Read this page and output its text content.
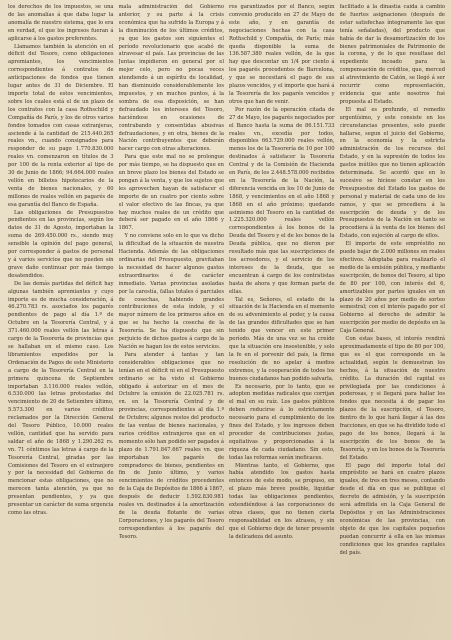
los derechos de los impuestos, se una de las anomalías á que daba lugar la anomalía de nuestro sistema, que lo era en verdad, el que los ingresos fueran á aplicarse á los gastos preferentes.

Llamamos también la atención en el déficit del Tesoro, como obligaciones apremiantes, los vencimientos correspondientes á contratos de anticipaciones de fondos que tienen lugar antes de 31 de Diciembre. El importe total de estos vencimientos, sobre los cuales está el de un plazo de los contratos con la casa Rothschild y Compañía de París, y los de otros varios fondos tomados con casas extranjeras, asciende á la cantidad de 215.440.265 reales vn., cuando consignados para responder de su pago 1.770.830.000 reales vn. comenzaron en títulos de 3 por 100 de la renta exterior al tipo de 30 de Junio de 1866; 94.664.000 reales vellón en billetes hipotecarios de la venta de bienes nacionales, y 60 millones de reales vellón en pagarés de esa garantía del Banco de España.

Las obligaciones de Presupuestos pendientes en las provincias, según los datos de 31 de Agosto, importaban la suma de 269.450.000 rs., siendo muy sensible la opinión del pago general, por corresponder á gastos de personal y á varios servicios que no pueden sin grave daño continuar por más tiempo desatendidos.

De las demás partidas del déficit hay algunas también apremiantes y cuyo importe es de mucha consideración, á 46.270.783 rs. asociados los pagarés pendientes de pago al día 1.º de Octubre en la Tesorería Central, y á 371.460.000 reales vellón las letras á cargo de la Tesorería de provincias que se hallaban en el mismo caso. Los libramientos expedidos por la Ordenación de Pagos de este Ministerio a cargo de la Tesorería Central en la primera quincena de Septiembre importaban 3.116.000 reales vellón, 6.530.000 las letras protestadas del vencimiento de 20 de Setiembre último, 5.573.300 en varios créditos reclamados por la Dirección General del Tesoro Público, 10.000 reales vellón, cantidad que ha servido para saldar el año de 1868 y 1.290.262 rs. vn. 71 céntimos las letras á cargo de la Tesorería Central, giradas por las Comisiones del Tesoro en el extranjero y por la necesidad del Gobierno de mencionar estas obligaciones, que no merecen tanta atención, ya que no presentan pendientes, y ya que presentar un carácter de suma urgencia como las otras.

mala administración del Gobierno anterior, y su parte á la crisis económica que ha sufrido la Europa y á la disminución de los últimos créditos, ya que los gastos son siguientes el período revolucionario que acabó de atravesar el país. Las provincias de las Juntas impidieron en general por el mejor celo, pero no pocas veces atendiendo á un espíritu de localidad, han disminuido considerablemente los impuestos, y en muchos puntos, á la sombra de esa disposición, se han defraudado los intereses del Tesoro, haciéndose en ocasiones de contrabando y consentidas abusivas defraudaciones, y en otra, bienes de la Nación contribuyentes que deberán hacer cargo con otras alteraciones.

Para que este mal no se prolongue por más tiempo, se ha dispuesto que en un breve plazo los bienes del Estado se pongan á la venta, y que los sujetos que les aprovechen hayan de satisfacer el importe de un cuatro por ciento sobre el valor efectivo de las fincas, ya que hay muchos reales de un crédito que deberá ser pagado en el año 1866 y 1867.

Y no conviene solo en lo que va dicho la dificultad de la situación de nuestra Hacienda. Además de las obligaciones ordinarias del Presupuesto, gravitaban la necesidad de hacer algunos gastos extraordinarios é de carácter inmediato. Varias provincias asoladas por la carestía, fallas totales ó parciales de cosechas, habiendo grandes contribuciones de esta índole, y el mayor número de los primeros años en que se ha hecho la cosecha de la Tesorería. Se ha dispuesto que sin perjuicio de dichos gastos á cargo de la Nación se hagan los de estos servicios.

Para atender á tantas y tan considerables obligaciones que no tenían en el déficit ni en el Presupuesto ordinario se ha visto el Gobierno obligado á autorizar en el mes de Octubre la emisión de 22.025.781 rs. vn. en la Tesorería Central y de provincias, correspondientes al día 1.º de Octubre; algunos restos del producto de las ventas de bienes nacionales, y varios créditos extranjeros que en el momento sólo han podido ser pagados á plazo de 1.791.847.667 reales vn. que importaban los pagarés de compradores de bienes, pendientes en fin de Junio último, y varios vencimientos de créditos procedentes de la Caja de Depósitos de 1866 á 1867, después de deducir 1.592.830.981 reales vn. destinados á la amortización de la deuda flotante de varias Corporaciones, y los pagarés del Tesoro correspondientes á los pagarés del Tesoro.

ros garantizados por el Banco, según convenio producido en 27 de Mayo de este año, y en garantía de negociaciones hechas con la casa Rothschild y Compañía, de París; más queda disponible la suma de 136.587.380 reales vellón, de la que hay que descontar un 1/4 por ciento á los pagarés procedentes de Barcelona, y que se necesitará el pago de sus plazos vencidos, y el importe que hará á la Tesorería de los pagarés vencidos y otros que han de venir.

Por razón de la operación citada de 27 de Mayo, los pagarés negociados por el Banco hasta la suma de 86.151.733 reales vn., excedía por todos, disponibles 663.729.000 reales vellón, menos los de la Tesorería de 10 por 100 destinados á satisfacer la Tesorería Central y de la Comisión de Hacienda en París, de los 2.448.578.000 recibidos en la Tesorería de la Nación, la diferencia vencida en los 10 de Junio de 1868, y vencimientos en el año 1868 y 1868 en el año próximo; quedando asimismo del Tesoro en la cantidad de 1.225.320.000 reales vellón correspondientes á los bonos de la Deuda del Tesoro y el de los bonos de la Deuda pública, que no dieron por resultado más que las suscripciones de los acreedores, y el servicio de los intereses de la deuda, que se encuentran á cargo de los contratistas hasta de ahora y que forman parte de ellas.

Tal es, Señores, el estado de la situación de la Hacienda en el momento de su advenimiento al poder, y la causa de las grandes dificultades que se han tenido que vencer en este primer período. Más de una vez se ha creído que la situación era insostenible, y solo la fe en el porvenir del país, la firme resolución de no apelar á medios extremos, y la cooperación de todos los buenos ciudadanos han podido salvarla.

Es necesario, por lo tanto, que se adopten medidas radicales que corrijan el mal en su raíz. Los gastos públicos deben reducirse á lo estrictamente necesario para el cumplimiento de los fines del Estado, y los ingresos deben proceder de contribuciones justas, equitativas y proporcionadas á la riqueza de cada ciudadano. Sin esto, todas las reformas serán ineficaces.

Mientras tanto, el Gobierno, que había atendido los gastos hasta entonces de este modo, se propuso, en el plazo más breve posible, liquidar todas las obligaciones pendientes, extendiéndose á las corporaciones de otras clases, que no tienen cierta responsabilidad en los atrasos, y sin que el Gobierno deje de tener presente la delicadeza del asunto.

facilitado á la dinastía caída á cambio de fuertes asignaciones (después de estar satisfechas íntegramente las que tenía señaladas), del producto que había de dar la desamortización de los bienes patrimoniales de Patrimonio de la corona, y de lo que resultase del expediente incoado para la compensación de créditos, que, merced al atrevimiento de Catón, se llegó á ser recurrir como representación, evidencia que ante nosotros fué propuesta al Estado.

El mal es profundo, el remedio urgentísimo, y este consiste en los circunstancias presentes, solo puede hallarse, segun el juicio del Gobierno, en la economía y la estricta administración de los recursos del Estado, y en la supresión de todos los gastos inútiles que no tienen aplicación determinada. Se acordó que en lo sucesivo se hiciese constar en los Presupuestos del Estado los gastos de personal y material de cada uno de los ramos, y que se procediera á la suscripción de deuda y de los Presupuestos de la Nación en tanto se procediera á la venta de los bienes del Estado, con sujeción al cargo de ellos.

El importe de este empréstito no puede bajar de 2.000 millones en reales efectivos. Adoptaba para realizarlo el medio de la emisión pública, y mediante suscripción, de bonos del Tesoro, al tipo de 80 por 100, con interés del 6, amortizables por partes iguales en un plazo de 20 años por medio de sorteo semestral; con el interés pagado por el Gobierno al derecho de admitir la suscripción por medio de depósito en la Caja General.

Con estas bases, el interés rendirá aproximadamente el tipo de 80 por 100, que es el que corresponde en la actualidad, según le demuestran los hechos, á la situación de nuestro crédito. La duración del capital es privilegiada por las condiciones á poderosas, y si llegará para hallar los fondos que necesita á de pagar los plazos de la suscripción, el Tesoro, dentro de lo que hará llegar á las dos fracciones, en que se ha dividido todo el pago de los bonos, llegará á la suscripción de los bonos de la Tesorería, y en los bonos de la Tesorería del Estado.

El pago del importe total del empréstito se hará en cuatro plazos iguales, de tres en tres meses, contando desde el día en que se publique el decreto de admisión, y la suscripción será admitida en la Caja General de Depósitos y en las Administraciones económicas de las provincias, con objeto de que los capitales pequeños puedan concurrir á ella en las mismas condiciones que los grandes capitales del país.
